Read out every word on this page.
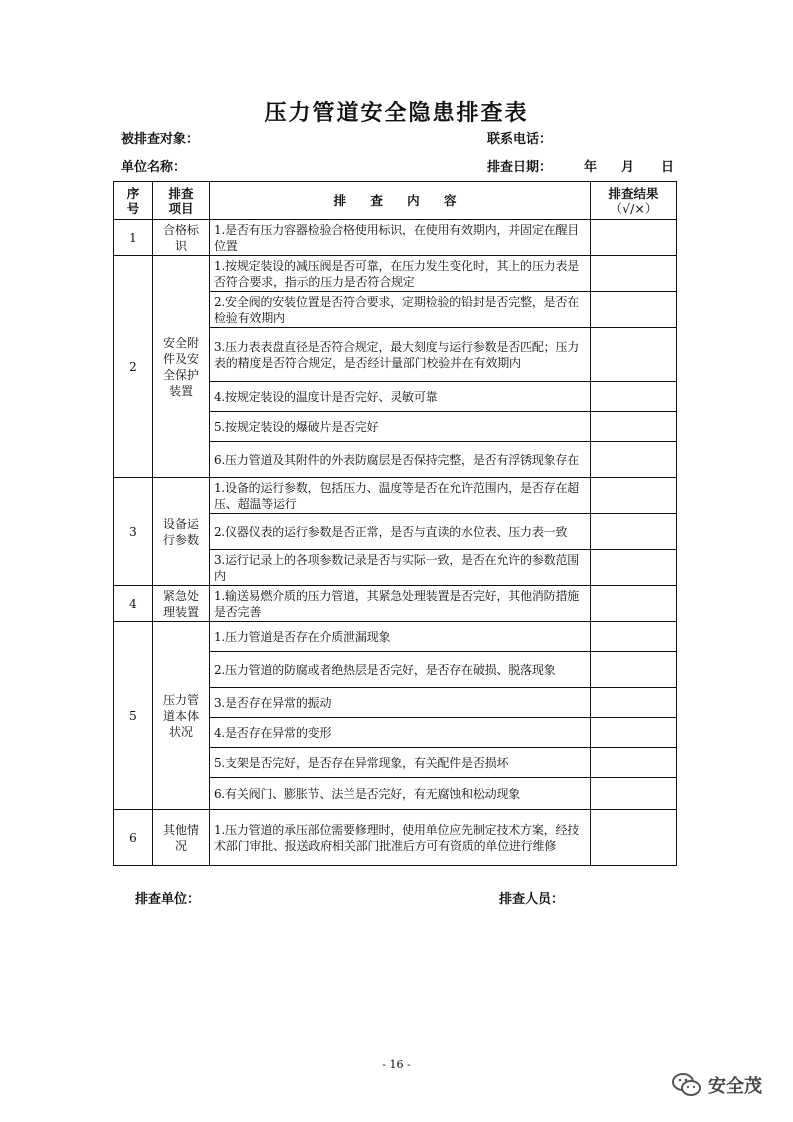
压力管道安全隐患排查表
被排查对象：	联系电话：
单位名称：	排查日期： 年 月 日
序号	排查项目	排 查 内 容	排查结果
（√/×）

1	合格标识	1.是否有压力容器检验合格使用标识，在使用有效期内，并固定在醒目位置	
2	安全附件及安全保护装置	1.按规定装设的减压阀是否可靠，在压力发生变化时，其上的压力表是否符合要求，指示的压力是否符合规定	
		2.安全阀的安装位置是否符合要求，定期检验的铅封是否完整，是否在检验有效期内	
		3.压力表表盘直径是否符合规定，最大刻度与运行参数是否匹配；压力表的精度是否符合规定，是否经计量部门校验并在有效期内	
		4.按规定装设的温度计是否完好、灵敏可靠	
		5.按规定装设的爆破片是否完好	
		6.压力管道及其附件的外表防腐层是否保持完整，是否有浮锈现象存在	
3	设备运行参数	1.设备的运行参数，包括压力、温度等是否在允许范围内，是否存在超压、超温等运行	
		2.仪器仪表的运行参数是否正常，是否与直读的水位表、压力表一致	
		3.运行记录上的各项参数记录是否与实际一致，是否在允许的参数范围内	
4	紧急处理装置	1.输送易燃介质的压力管道，其紧急处理装置是否完好，其他消防措施是否完善	
5	压力管道本体状况	1.压力管道是否存在介质泄漏现象	
		2.压力管道的防腐或者绝热层是否完好，是否存在破损、脱落现象	
		3.是否存在异常的振动	
		4.是否存在异常的变形	
		5.支架是否完好，是否存在异常现象，有关配件是否损坏	
		6.有关阀门、膨胀节、法兰是否完好，有无腐蚀和松动现象	
6	其他情况	1.压力管道的承压部位需要修理时，使用单位应先制定技术方案，经技术部门审批、报送政府相关部门批准后方可有资质的单位进行维修	
排查单位：	排查人员：
- 16 -
安全茂
